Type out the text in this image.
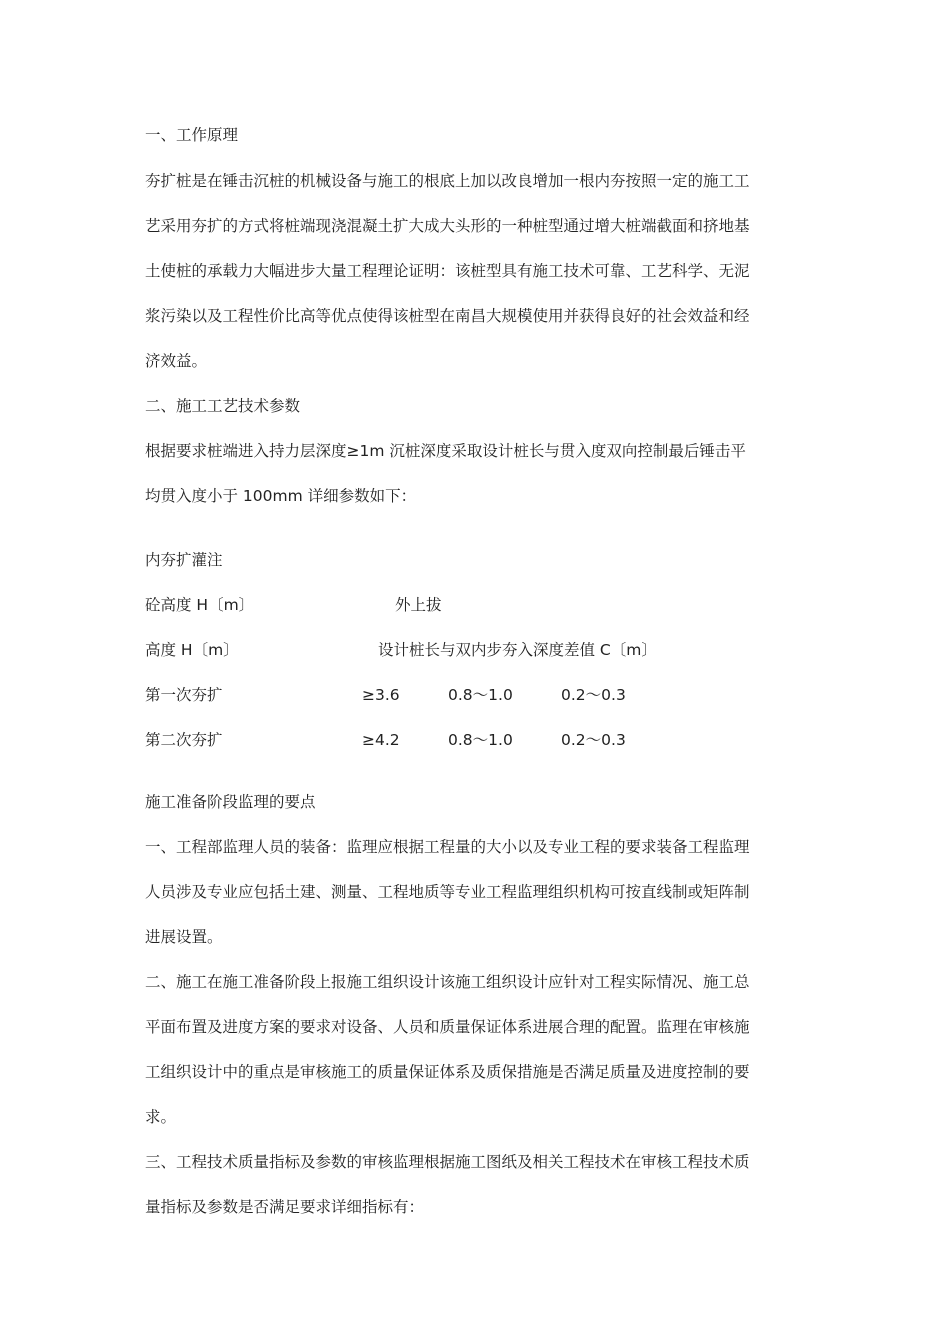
一、工作原理
夯扩桩是在锤击沉桩的机械设备与施工的根底上加以改良增加一根内夯按照一定的施工工
艺采用夯扩的方式将桩端现浇混凝土扩大成大头形的一种桩型通过增大桩端截面和挤地基
土使桩的承载力大幅进步大量工程理论证明：该桩型具有施工技术可靠、工艺科学、无泥
浆污染以及工程性价比高等优点使得该桩型在南昌大规模使用并获得良好的社会效益和经
济效益。
二、施工工艺技术参数
根据要求桩端进入持力层深度≥1m 沉桩深度采取设计桩长与贯入度双向控制最后锤击平
均贯入度小于 100mm 详细参数如下：
内夯扩灌注
砼高度 H〔m〕	外上拔
高度 H〔m〕	设计桩长与双内步夯入深度差值 C〔m〕
第一次夯扩	≥3.6	0.8～1.0	0.2～0.3
第二次夯扩	≥4.2	0.8～1.0	0.2～0.3
施工准备阶段监理的要点
一、工程部监理人员的装备：监理应根据工程量的大小以及专业工程的要求装备工程监理
人员涉及专业应包括土建、测量、工程地质等专业工程监理组织机构可按直线制或矩阵制
进展设置。
二、施工在施工准备阶段上报施工组织设计该施工组织设计应针对工程实际情况、施工总
平面布置及进度方案的要求对设备、人员和质量保证体系进展合理的配置。监理在审核施
工组织设计中的重点是审核施工的质量保证体系及质保措施是否满足质量及进度控制的要
求。
三、工程技术质量指标及参数的审核监理根据施工图纸及相关工程技术在审核工程技术质
量指标及参数是否满足要求详细指标有：
